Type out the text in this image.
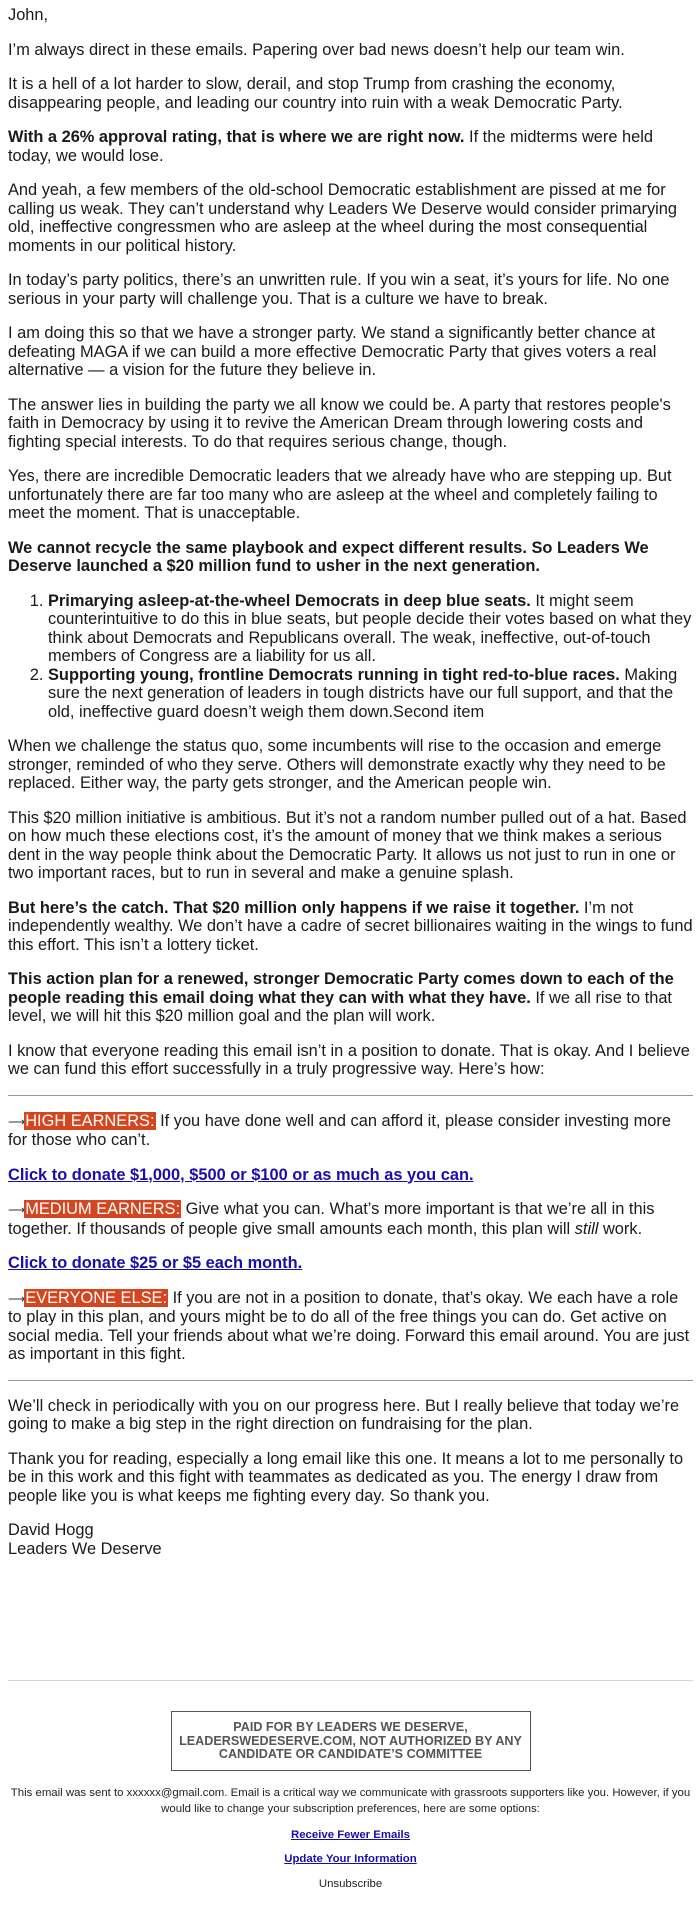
John,

I’m always direct in these emails. Papering over bad news doesn’t help our team win.

It is a hell of a lot harder to slow, derail, and stop Trump from crashing the economy, disappearing people, and leading our country into ruin with a weak Democratic Party.

With a 26% approval rating, that is where we are right now. If the midterms were held today, we would lose.

And yeah, a few members of the old-school Democratic establishment are pissed at me for calling us weak. They can’t understand why Leaders We Deserve would consider primarying old, ineffective congressmen who are asleep at the wheel during the most consequential moments in our political history.

In today’s party politics, there’s an unwritten rule. If you win a seat, it’s yours for life. No one serious in your party will challenge you. That is a culture we have to break.

I am doing this so that we have a stronger party. We stand a significantly better chance at defeating MAGA if we can build a more effective Democratic Party that gives voters a real alternative — a vision for the future they believe in.

The answer lies in building the party we all know we could be. A party that restores people's faith in Democracy by using it to revive the American Dream through lowering costs and fighting special interests. To do that requires serious change, though.

Yes, there are incredible Democratic leaders that we already have who are stepping up. But unfortunately there are far too many who are asleep at the wheel and completely failing to meet the moment. That is unacceptable.

We cannot recycle the same playbook and expect different results. So Leaders We Deserve launched a $20 million fund to usher in the next generation.

1. Primarying asleep-at-the-wheel Democrats in deep blue seats. It might seem counterintuitive to do this in blue seats, but people decide their votes based on what they think about Democrats and Republicans overall. The weak, ineffective, out-of-touch members of Congress are a liability for us all.
2. Supporting young, frontline Democrats running in tight red-to-blue races. Making sure the next generation of leaders in tough districts have our full support, and that the old, ineffective guard doesn’t weigh them down.Second item

When we challenge the status quo, some incumbents will rise to the occasion and emerge stronger, reminded of who they serve. Others will demonstrate exactly why they need to be replaced. Either way, the party gets stronger, and the American people win.

This $20 million initiative is ambitious. But it’s not a random number pulled out of a hat. Based on how much these elections cost, it’s the amount of money that we think makes a serious dent in the way people think about the Democratic Party. It allows us not just to run in one or two important races, but to run in several and make a genuine splash.

But here’s the catch. That $20 million only happens if we raise it together. I’m not independently wealthy. We don’t have a cadre of secret billionaires waiting in the wings to fund this effort. This isn’t a lottery ticket.

This action plan for a renewed, stronger Democratic Party comes down to each of the people reading this email doing what they can with what they have. If we all rise to that level, we will hit this $20 million goal and the plan will work.

I know that everyone reading this email isn’t in a position to donate. That is okay. And I believe we can fund this effort successfully in a truly progressive way. Here’s how:

⟶HIGH EARNERS: If you have done well and can afford it, please consider investing more for those who can’t.

Click to donate $1,000, $500 or $100 or as much as you can.

⟶MEDIUM EARNERS: Give what you can. What’s more important is that we’re all in this together. If thousands of people give small amounts each month, this plan will still work.

Click to donate $25 or $5 each month.

⟶EVERYONE ELSE: If you are not in a position to donate, that’s okay. We each have a role to play in this plan, and yours might be to do all of the free things you can do. Get active on social media. Tell your friends about what we’re doing. Forward this email around. You are just as important in this fight.

We’ll check in periodically with you on our progress here. But I really believe that today we’re going to make a big step in the right direction on fundraising for the plan.

Thank you for reading, especially a long email like this one. It means a lot to me personally to be in this work and this fight with teammates as dedicated as you. The energy I draw from people like you is what keeps me fighting every day. So thank you.

David Hogg
Leaders We Deserve
PAID FOR BY LEADERS WE DESERVE, LEADERSWEDESERVE.COM, NOT AUTHORIZED BY ANY CANDIDATE OR CANDIDATE’S COMMITTEE
This email was sent to xxxxxx@gmail.com. Email is a critical way we communicate with grassroots supporters like you. However, if you would like to change your subscription preferences, here are some options:
Receive Fewer Emails
Update Your Information
Unsubscribe
